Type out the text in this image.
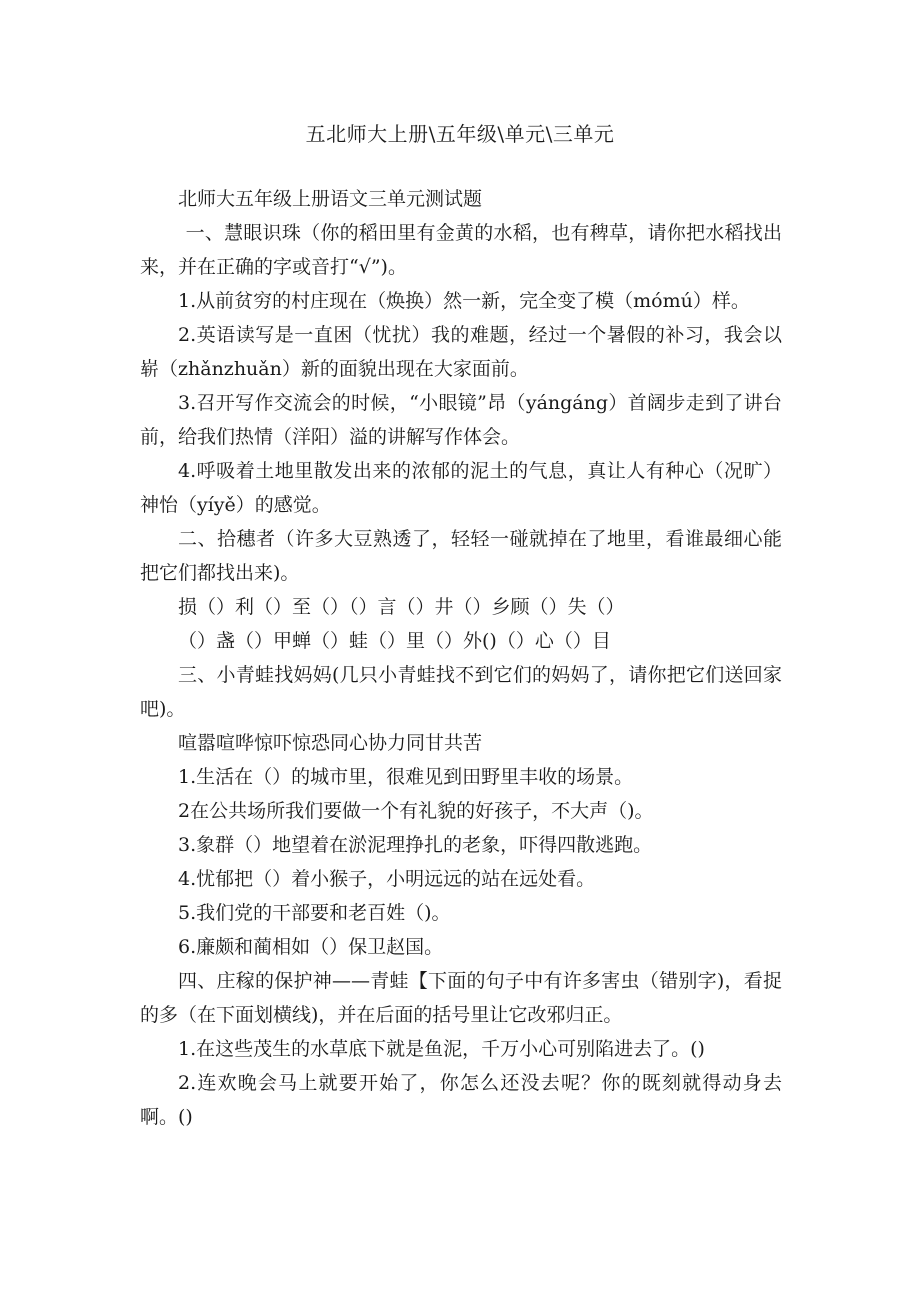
五北师大上册\五年级\单元\三单元

北师大五年级上册语文三单元测试题

一、慧眼识珠（你的稻田里有金黄的水稻，也有稗草，请你把水稻找出来，并在正确的字或音打“√”)。

1.从前贫穷的村庄现在（焕换）然一新，完全变了模（mómú）样。

2.英语读写是一直困（忧扰）我的难题，经过一个暑假的补习，我会以崭（zhǎnzhuǎn）新的面貌出现在大家面前。

3.召开写作交流会的时候，“小眼镜”昂（yángáng）首阔步走到了讲台前，给我们热情（洋阳）溢的讲解写作体会。

4.呼吸着土地里散发出来的浓郁的泥土的气息，真让人有种心（况旷）神怡（yíyě）的感觉。

二、拾穗者（许多大豆熟透了，轻轻一碰就掉在了地里，看谁最细心能把它们都找出来)。

损（）利（）至（）（）言（）井（）乡顾（）失（）

（）盏（）甲蝉（）蛙（）里（）外()（）心（）目

三、小青蛙找妈妈(几只小青蛙找不到它们的妈妈了，请你把它们送回家吧)。

喧嚣喧哗惊吓惊恐同心协力同甘共苦

1.生活在（）的城市里，很难见到田野里丰收的场景。

2在公共场所我们要做一个有礼貌的好孩子，不大声（)。

3.象群（）地望着在淤泥理挣扎的老象，吓得四散逃跑。

4.忧郁把（）着小猴子，小明远远的站在远处看。

5.我们党的干部要和老百姓（)。

6.廉颇和蔺相如（）保卫赵国。

四、庄稼的保护神——青蛙【下面的句子中有许多害虫（错别字)，看捉的多（在下面划横线)，并在后面的括号里让它改邪归正。

1.在这些茂生的水草底下就是鱼泥，千万小心可别陷进去了。()

2.连欢晚会马上就要开始了，你怎么还没去呢？你的既刻就得动身去啊。()
